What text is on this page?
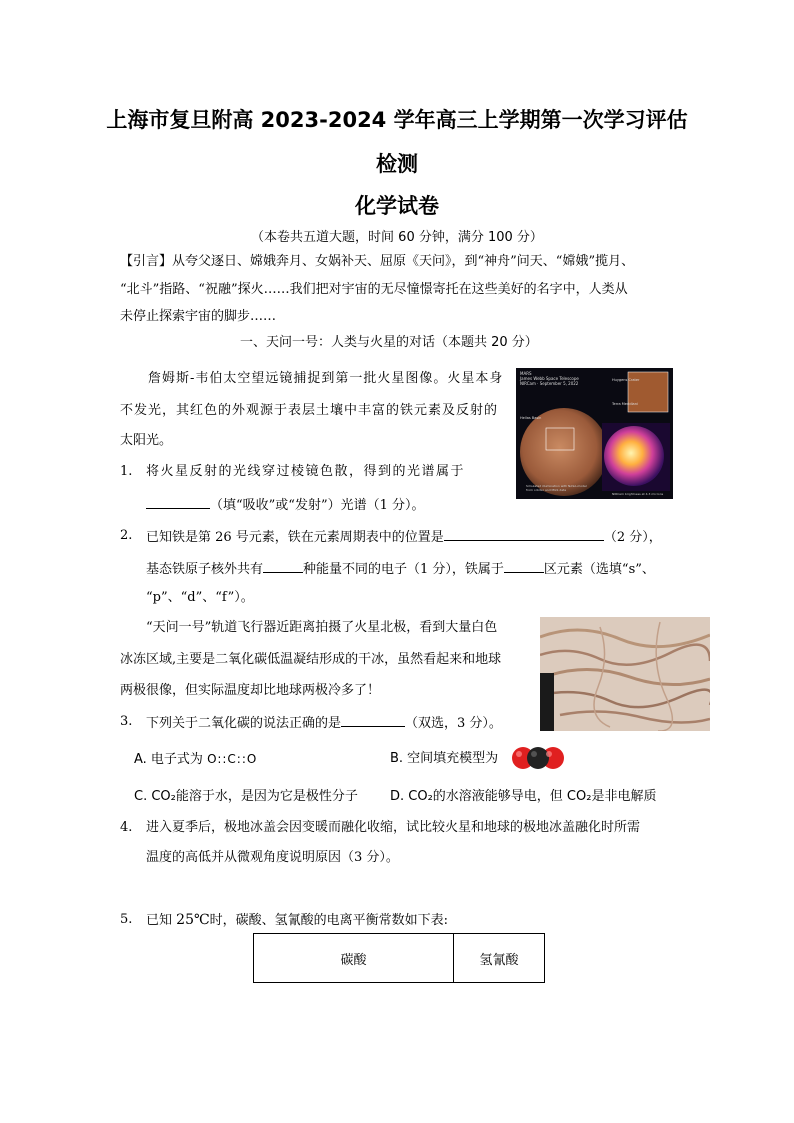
上海市复旦附高 2023-2024 学年高三上学期第一次学习评估
检测
化学试卷
（本卷共五道大题，时间 60 分钟，满分 100 分）
【引言】从夸父逐日、嫦娥奔月、女娲补天、屈原《天问》，到“神舟”问天、“嫦娥”揽月、
“北斗”指路、“祝融”探火……我们把对宇宙的无尽憧憬寄托在这些美好的名字中，人类从
未停止探索宇宙的脚步……
一、天问一号：人类与火星的对话（本题共 20 分）
詹姆斯-韦伯太空望远镜捕捉到第一批火星图像。火星本身
不发光，其红色的外观源于表层土壤中丰富的铁元素及反射的
太阳光。
MARS
James Webb Space Telescope
NIRCam · September 5, 2022
Huygens Crater
Terra Meridiani
Hellas Basin
Simulated illumination with NASA-model
from orbiter and MGS data
NIRCam brightness at 4.3 microns
1. 将火星反射的光线穿过棱镜色散，得到的光谱属于
（填“吸收”或“发射”）光谱（1 分）。
2. 已知铁是第 26 号元素，铁在元素周期表中的位置是	（2 分），
基态铁原子核外共有	种能量不同的电子（1 分），铁属于	区元素（选填“s”、
“p”、“d”、“f”）。
“天问一号”轨道飞行器近距离拍摄了火星北极，看到大量白色
冰冻区域,主要是二氧化碳低温凝结形成的干冰，虽然看起来和地球
两极很像，但实际温度却比地球两极冷多了！
3. 下列关于二氧化碳的说法正确的是	（双选，3 分）。
A. 电子式为 O::C::O	B. 空间填充模型为
C. CO₂能溶于水，是因为它是极性分子 D. CO₂的水溶液能够导电，但 CO₂是非电解质
4. 进入夏季后，极地冰盖会因变暖而融化收缩，试比较火星和地球的极地冰盖融化时所需
温度的高低并从微观角度说明原因（3 分）。
5. 已知 25℃时，碳酸、氢氰酸的电离平衡常数如下表:
碳酸	氢氰酸
